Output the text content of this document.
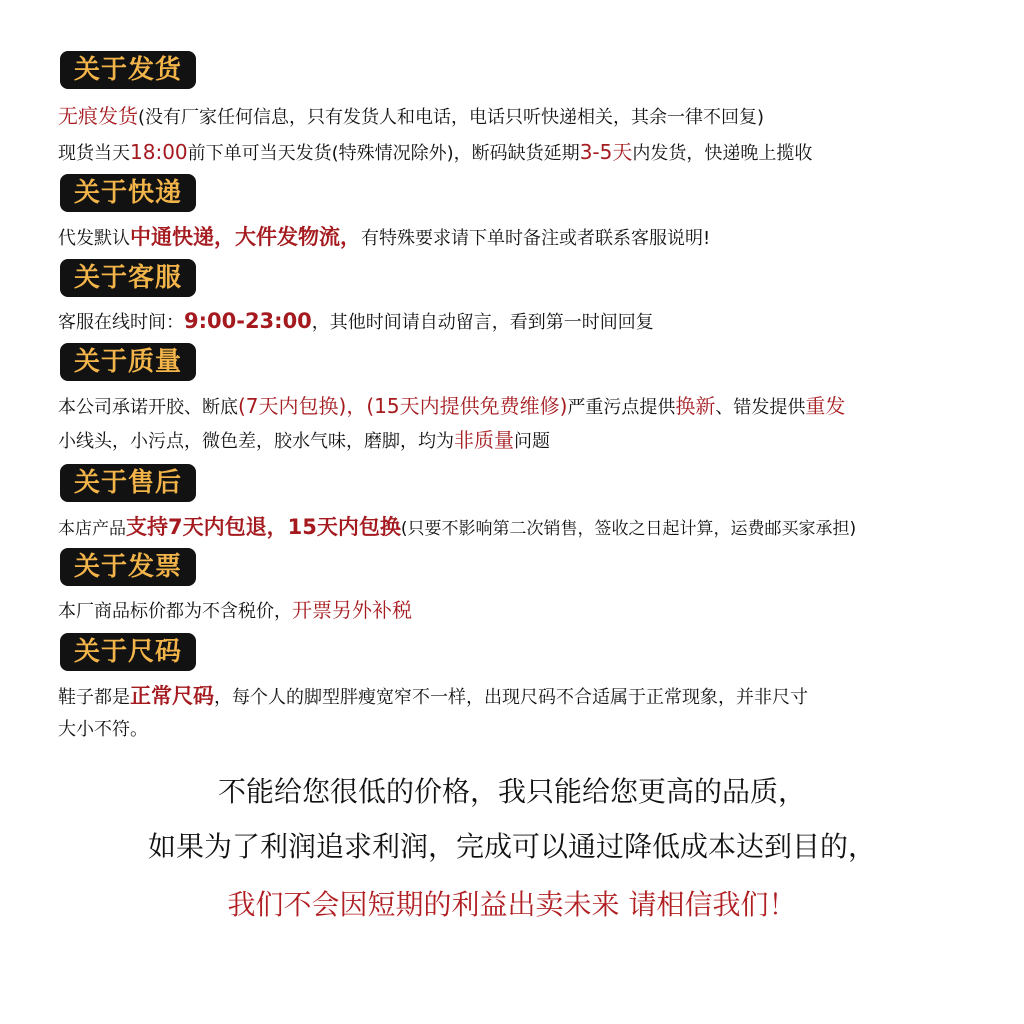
关于发货
无痕发货(没有厂家任何信息，只有发货人和电话，电话只听快递相关，其余一律不回复)
现货当天18:00前下单可当天发货(特殊情况除外)，断码缺货延期3-5天内发货，快递晚上揽收
关于快递
代发默认中通快递，大件发物流，有特殊要求请下单时备注或者联系客服说明!
关于客服
客服在线时间：9:00-23:00，其他时间请自动留言，看到第一时间回复
关于质量
本公司承诺开胶、断底(7天内包换)，(15天内提供免费维修)严重污点提供换新、错发提供重发
小线头，小污点，微色差，胶水气味，磨脚，均为非质量问题
关于售后
本店产品支持7天内包退，15天内包换(只要不影响第二次销售，签收之日起计算，运费邮买家承担)
关于发票
本厂商品标价都为不含税价，开票另外补税
关于尺码
鞋子都是正常尺码，每个人的脚型胖瘦宽窄不一样，出现尺码不合适属于正常现象，并非尺寸
大小不符。
不能给您很低的价格，我只能给您更高的品质，
如果为了利润追求利润，完成可以通过降低成本达到目的，
我们不会因短期的利益出卖未来 请相信我们！
